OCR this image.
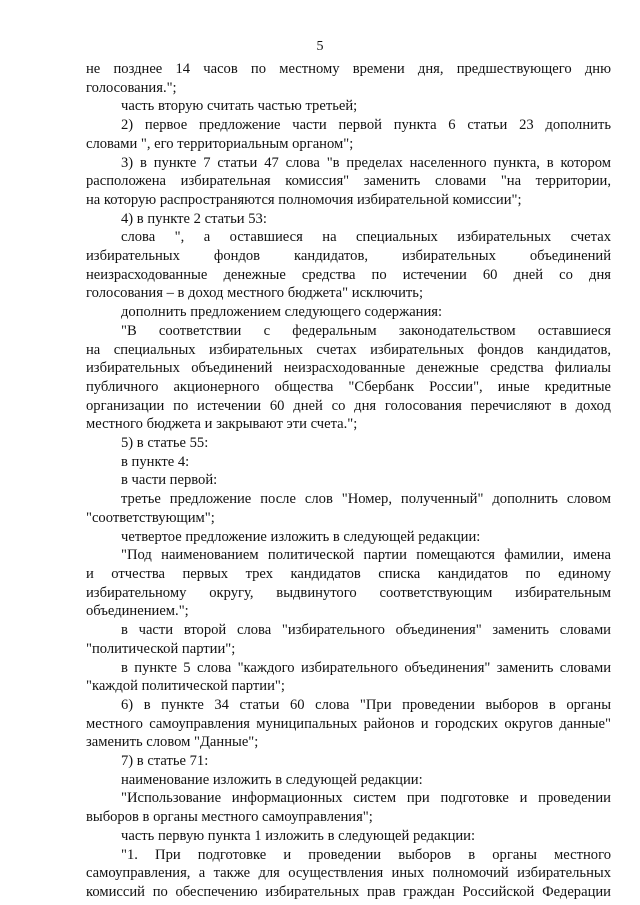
5

не позднее 14 часов по местному времени дня, предшествующего дню

голосования.";

часть вторую считать частью третьей;

2) первое предложение части первой пункта 6 статьи 23 дополнить

словами ", его территориальным органом";

3) в пункте 7 статьи 47 слова "в пределах населенного пункта, в котором

расположена избирательная комиссия" заменить словами "на территории,

на которую распространяются полномочия избирательной комиссии";

4) в пункте 2 статьи 53:

слова ", а оставшиеся на специальных избирательных счетах

избирательных фондов кандидатов, избирательных объединений

неизрасходованные денежные средства по истечении 60 дней со дня

голосования – в доход местного бюджета" исключить;

дополнить предложением следующего содержания:

"В соответствии с федеральным законодательством оставшиеся

на специальных избирательных счетах избирательных фондов кандидатов,

избирательных объединений неизрасходованные денежные средства филиалы

публичного акционерного общества "Сбербанк России", иные кредитные

организации по истечении 60 дней со дня голосования перечисляют в доход

местного бюджета и закрывают эти счета.";

5) в статье 55:

в пункте 4:

в части первой:

третье предложение после слов "Номер, полученный" дополнить словом

"соответствующим";

четвертое предложение изложить в следующей редакции:

"Под наименованием политической партии помещаются фамилии, имена

и отчества первых трех кандидатов списка кандидатов по единому

избирательному округу, выдвинутого соответствующим избирательным

объединением.";

в части второй слова "избирательного объединения" заменить словами

"политической партии";

в пункте 5 слова "каждого избирательного объединения" заменить словами

"каждой политической партии";

6) в пункте 34 статьи 60 слова "При проведении выборов в органы

местного самоуправления муниципальных районов и городских округов данные"

заменить словом "Данные";

7) в статье 71:

наименование изложить в следующей редакции:

"Использование информационных систем при подготовке и проведении

выборов в органы местного самоуправления";

часть первую пункта 1 изложить в следующей редакции:

"1. При подготовке и проведении выборов в органы местного

самоуправления, а также для осуществления иных полномочий избирательных

комиссий по обеспечению избирательных прав граждан Российской Федерации
